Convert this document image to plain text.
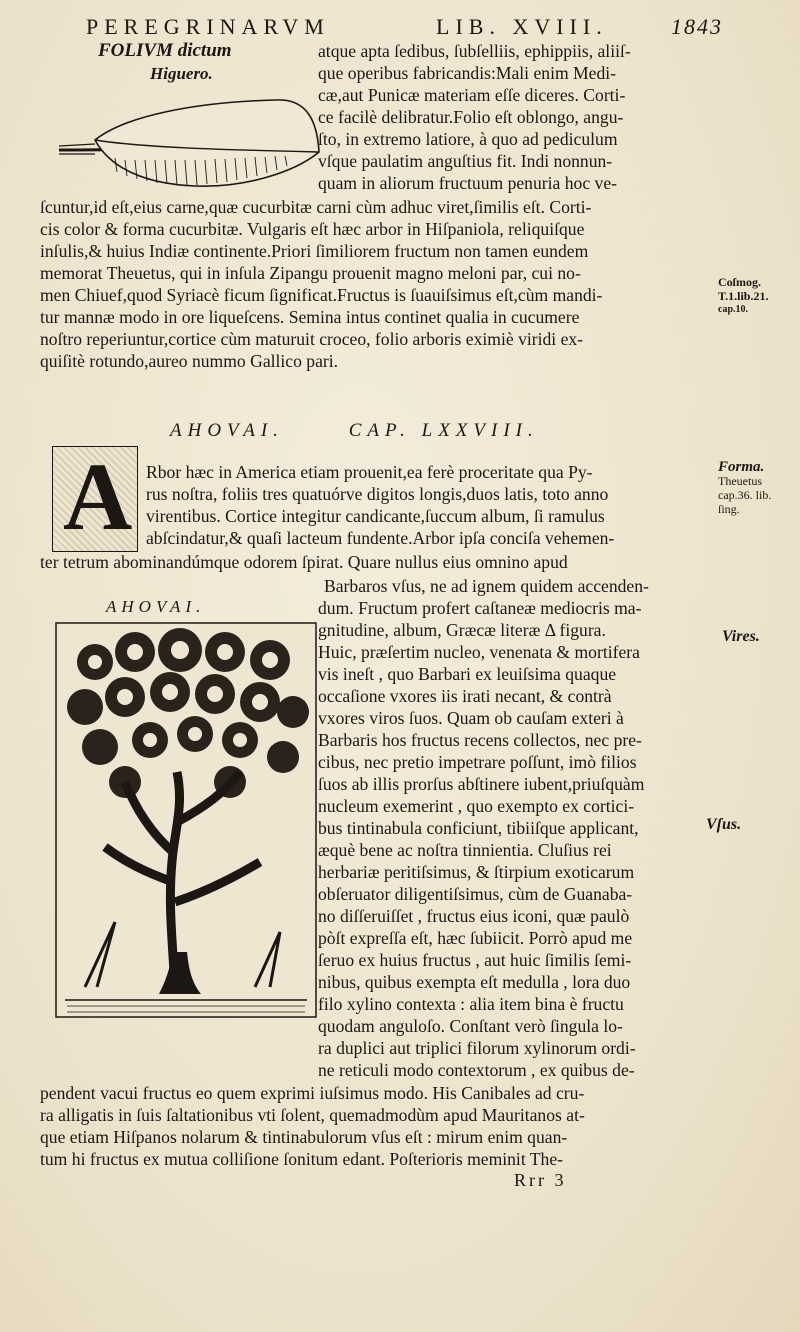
PEREGRINARVM	LIB. XVIII.	1843
FOLIVM dictum
Higuero.
atque apta ſedibus, ſubſelliis, ephippiis, aliiſ-
que operibus fabricandis:Mali enim Medi-
cæ,aut Punicæ materiam eſſe diceres. Corti-
ce facilè delibratur.Folio eſt oblongo, angu-
ſto, in extremo latiore, à quo ad pediculum
vſque paulatim anguſtius fit. Indi nonnun-
quam in aliorum fructuum penuria hoc ve-
ſcuntur,id eſt,eius carne,quæ cucurbitæ carni cùm adhuc viret,ſimilis eſt. Corti-
cis color & forma cucurbitæ. Vulgaris eſt hæc arbor in Hiſpaniola, reliquiſque
inſulis,& huius Indiæ continente.Priori ſimiliorem fructum non tamen eundem
memorat Theuetus, qui in inſula Zipangu prouenit magno meloni par, cui no-
men Chiuef,quod Syriacè ficum ſignificat.Fructus is ſuauiſsimus eſt,cùm mandi-
tur mannæ modo in ore liqueſcens. Semina intus continet qualia in cucumere
noſtro reperiuntur,cortice cùm maturuit croceo, folio arboris eximiè viridi ex-
quiſitè rotundo,aureo nummo Gallico pari.
Coſmog.
T.1.lib.21.
cap.10.
AHOVAI.	CAP. LXXVIII.
A Rbor hæc in America etiam prouenit,ea ferè proceritate qua Py-
rus noſtra, foliis tres quatuórve digitos longis,duos latis, toto anno
virentibus. Cortice integitur candicante,ſuccum album, ſi ramulus
abſcindatur,& quaſi lacteum fundente.Arbor ipſa conciſa vehemen-
ter tetrum abominandúmque odorem ſpirat. Quare nullus eius omnino apud
Forma.
Theuetus
cap.36. lib.
ſing.
AHOVAI.
Barbaros vſus, ne ad ignem quidem accenden-
dum. Fructum profert caſtaneæ mediocris ma-
gnitudine, album, Græcæ literæ Δ figura.
Huic, præſertim nucleo, venenata & mortifera
vis ineſt , quo Barbari ex leuiſsima quaque
occaſione vxores iis irati necant, & contrà
vxores viros ſuos. Quam ob cauſam exteri à
Barbaris hos fructus recens collectos, nec pre-
cibus, nec pretio impetrare poſſunt, imò filios
ſuos ab illis prorſus abſtinere iubent,priuſquàm
nucleum exemerint , quo exempto ex cortici-
bus tintinabula conficiunt, tibiiſque applicant,
æquè bene ac noſtra tinnientia. Cluſius rei
herbariæ peritiſsimus, & ſtirpium exoticarum
obſeruator diligentiſsimus, cùm de Guanaba-
no diſſeruiſſet , fructus eius iconi, quæ paulò
pòſt expreſſa eſt, hæc ſubiicit. Porrò apud me
ſeruo ex huius fructus , aut huic ſimilis ſemi-
nibus, quibus exempta eſt medulla , lora duo
filo xylino contexta : alia item bina è fructu
quodam anguloſo. Conſtant verò ſingula lo-
ra duplici aut triplici filorum xylinorum ordi-
ne reticuli modo contextorum , ex quibus de-
Vires.
Vſus.
pendent vacui fructus eo quem exprimi iuſsimus modo. His Canibales ad cru-
ra alligatis in ſuis ſaltationibus vti ſolent, quemadmodùm apud Mauritanos at-
que etiam Hiſpanos nolarum & tintinabulorum vſus eſt : mirum enim quan-
tum hi fructus ex mutua colliſione ſonitum edant. Poſterioris meminit The-
Rrr 3
